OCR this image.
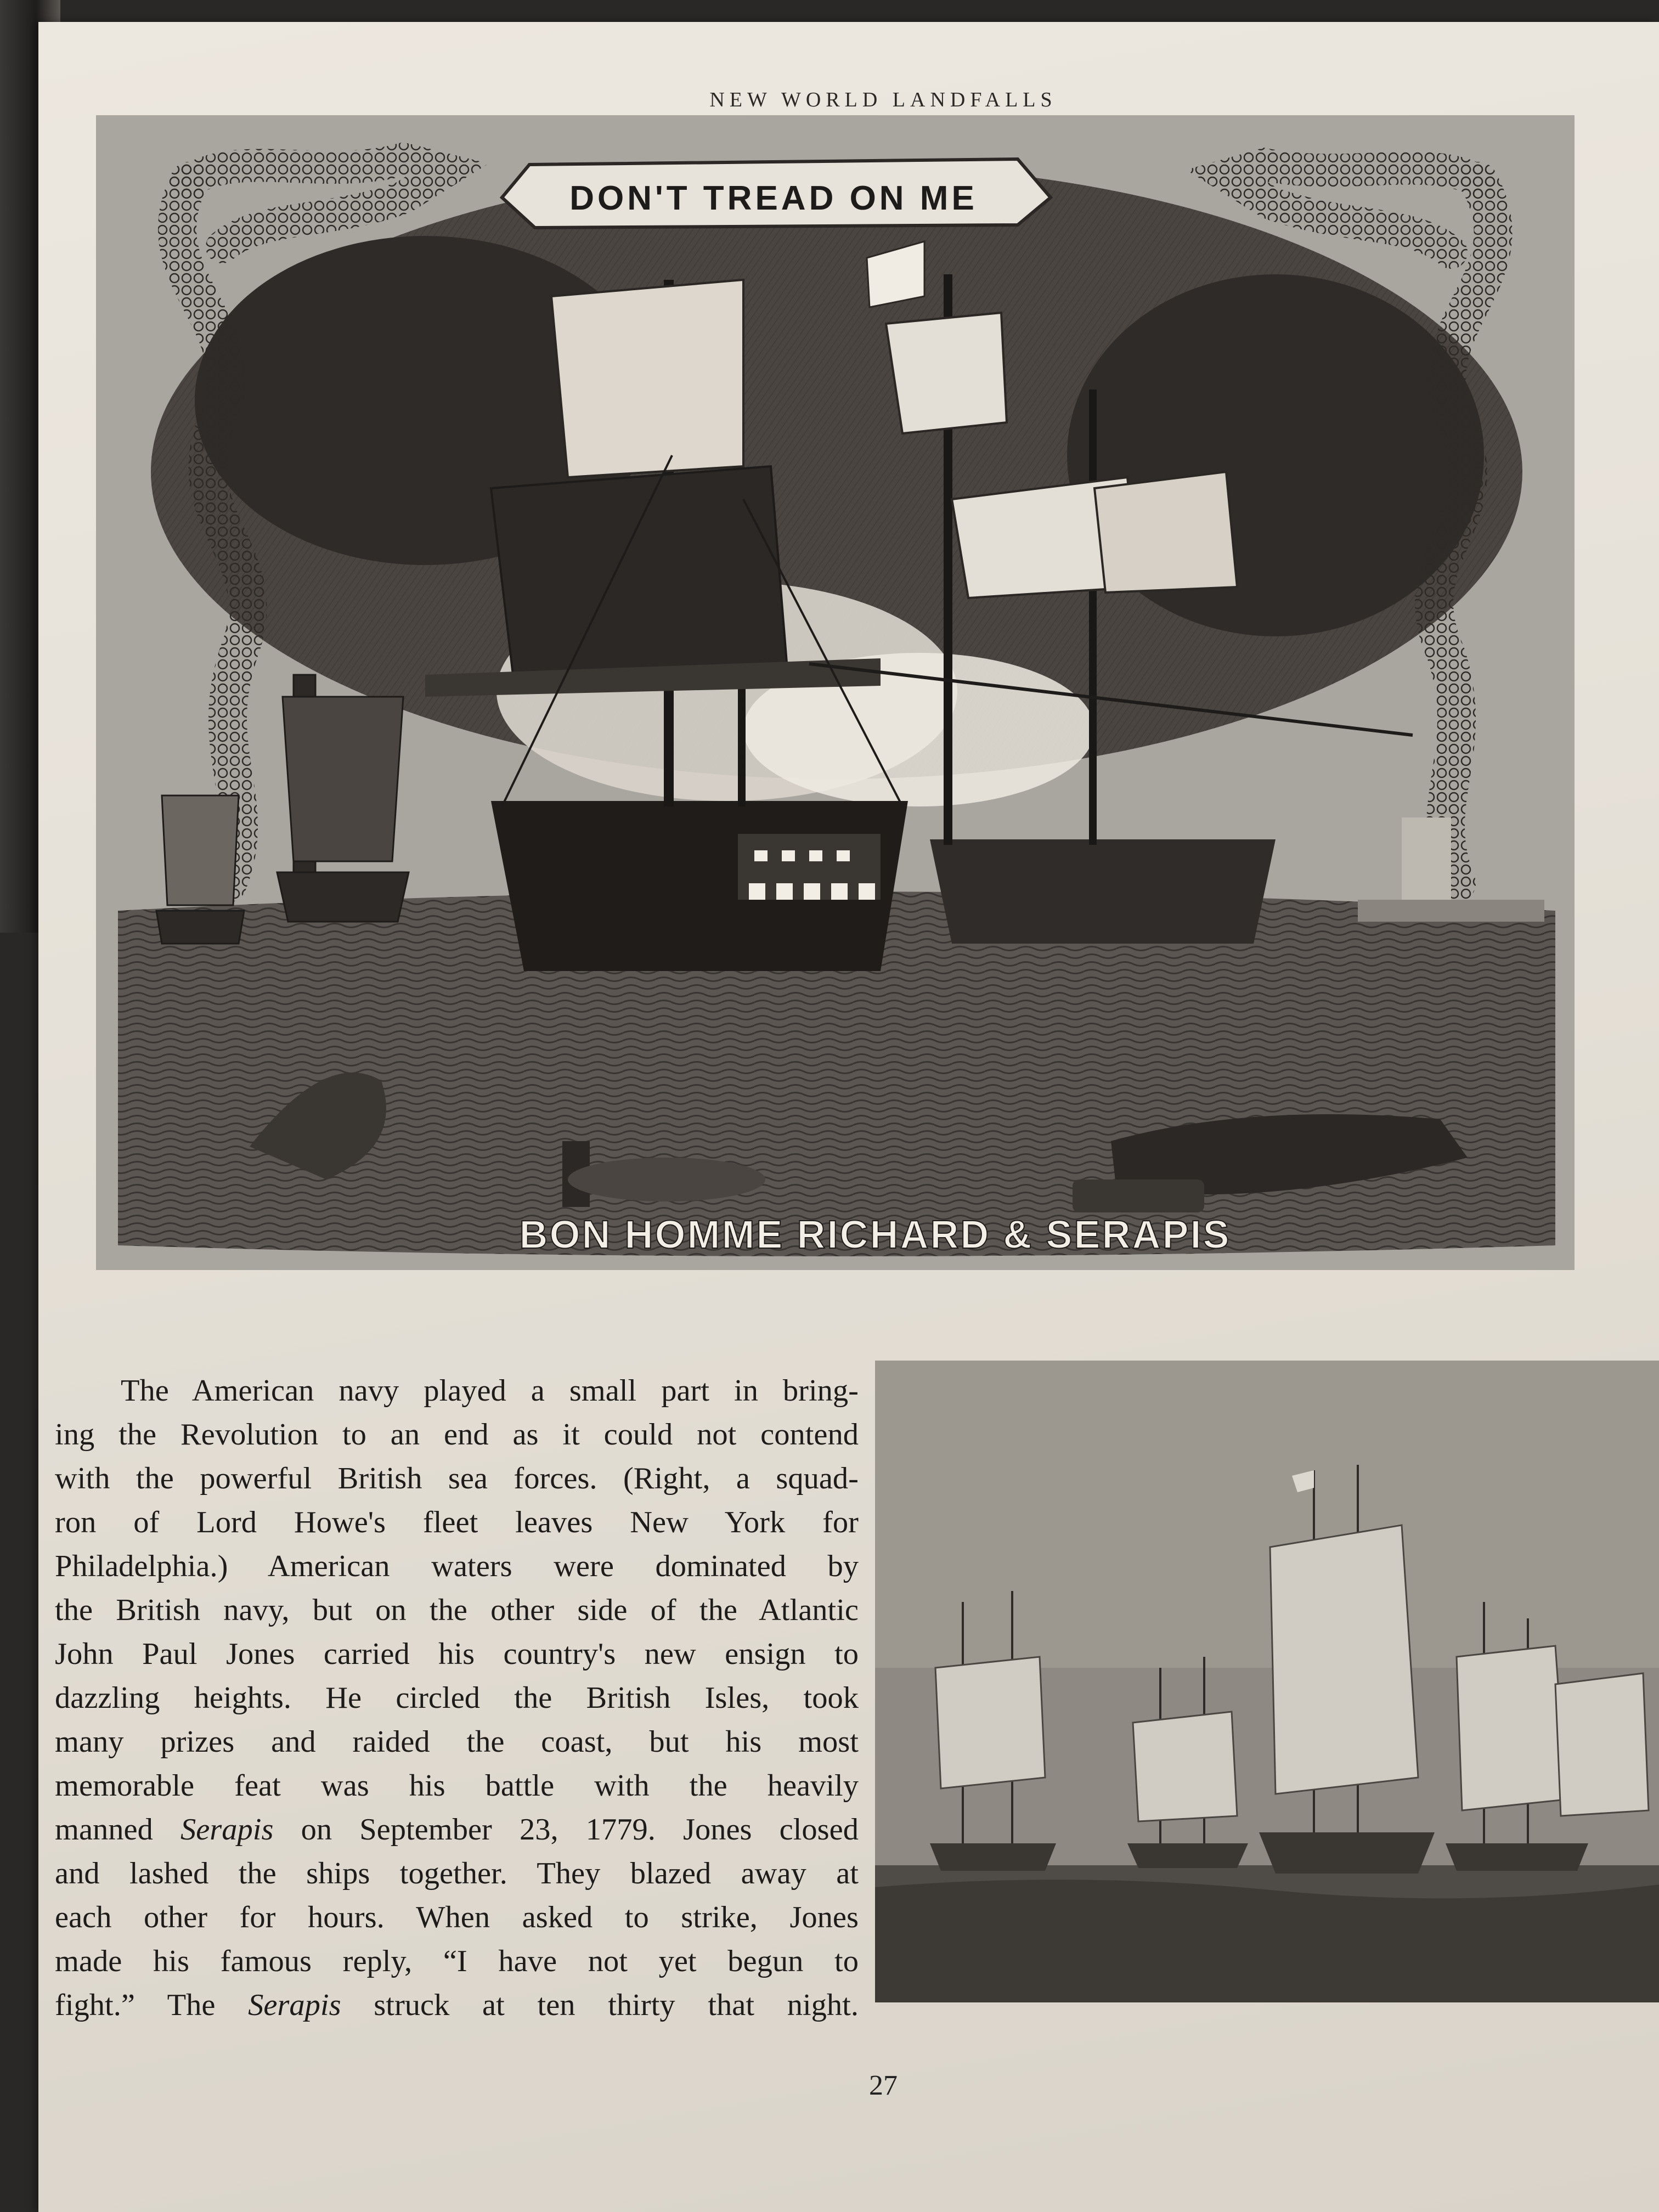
NEW WORLD LANDFALLS
DON'T TREAD ON ME
BON HOMME RICHARD & SERAPIS
The American navy played a small part in bring-
ing the Revolution to an end as it could not contend
with the powerful British sea forces. (Right, a squad-
ron of Lord Howe's fleet leaves New York for
Philadelphia.) American waters were dominated by
the British navy, but on the other side of the Atlantic
John Paul Jones carried his country's new ensign to
dazzling heights. He circled the British Isles, took
many prizes and raided the coast, but his most
memorable feat was his battle with the heavily
manned Serapis on September 23, 1779. Jones closed
and lashed the ships together. They blazed away at
each other for hours. When asked to strike, Jones
made his famous reply, “I have not yet begun to
fight.” The Serapis struck at ten thirty that night.
27
